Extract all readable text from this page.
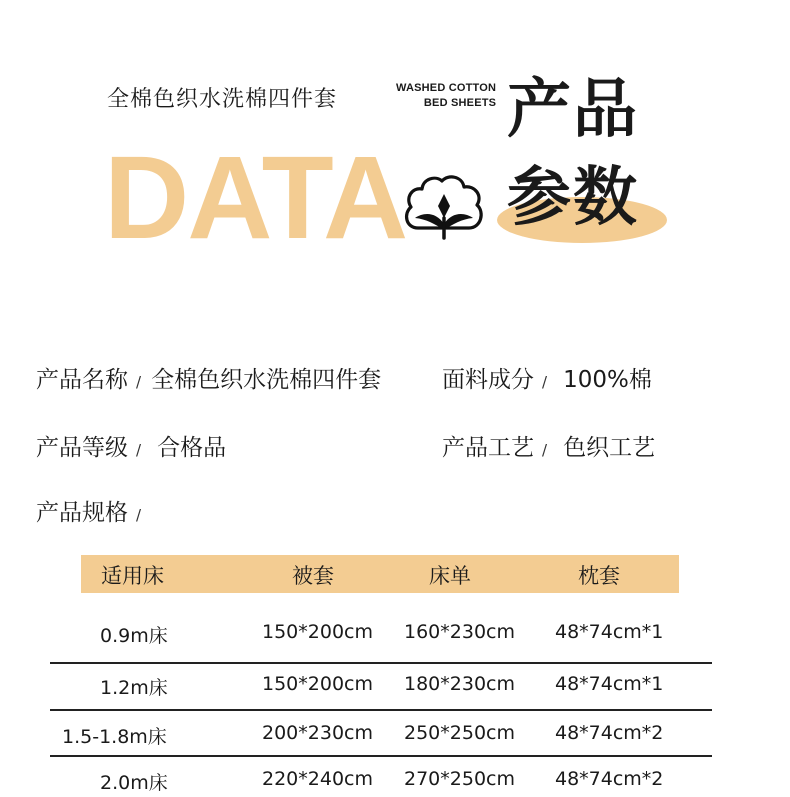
全棉色织水洗棉四件套	WASHED COTTON
BED SHEETS
DATA
产品
参数
产品名称 / 全棉色织水洗棉四件套	面料成分 / 100%棉
产品等级 / 合格品	产品工艺 / 色织工艺
产品规格 /
适用床	被套	床单	枕套
0.9m床	150*200cm 160*230cm 48*74cm*1
1.2m床	150*200cm 180*230cm 48*74cm*1
1.5-1.8m床	200*230cm 250*250cm 48*74cm*2
2.0m床	220*240cm 270*250cm 48*74cm*2
